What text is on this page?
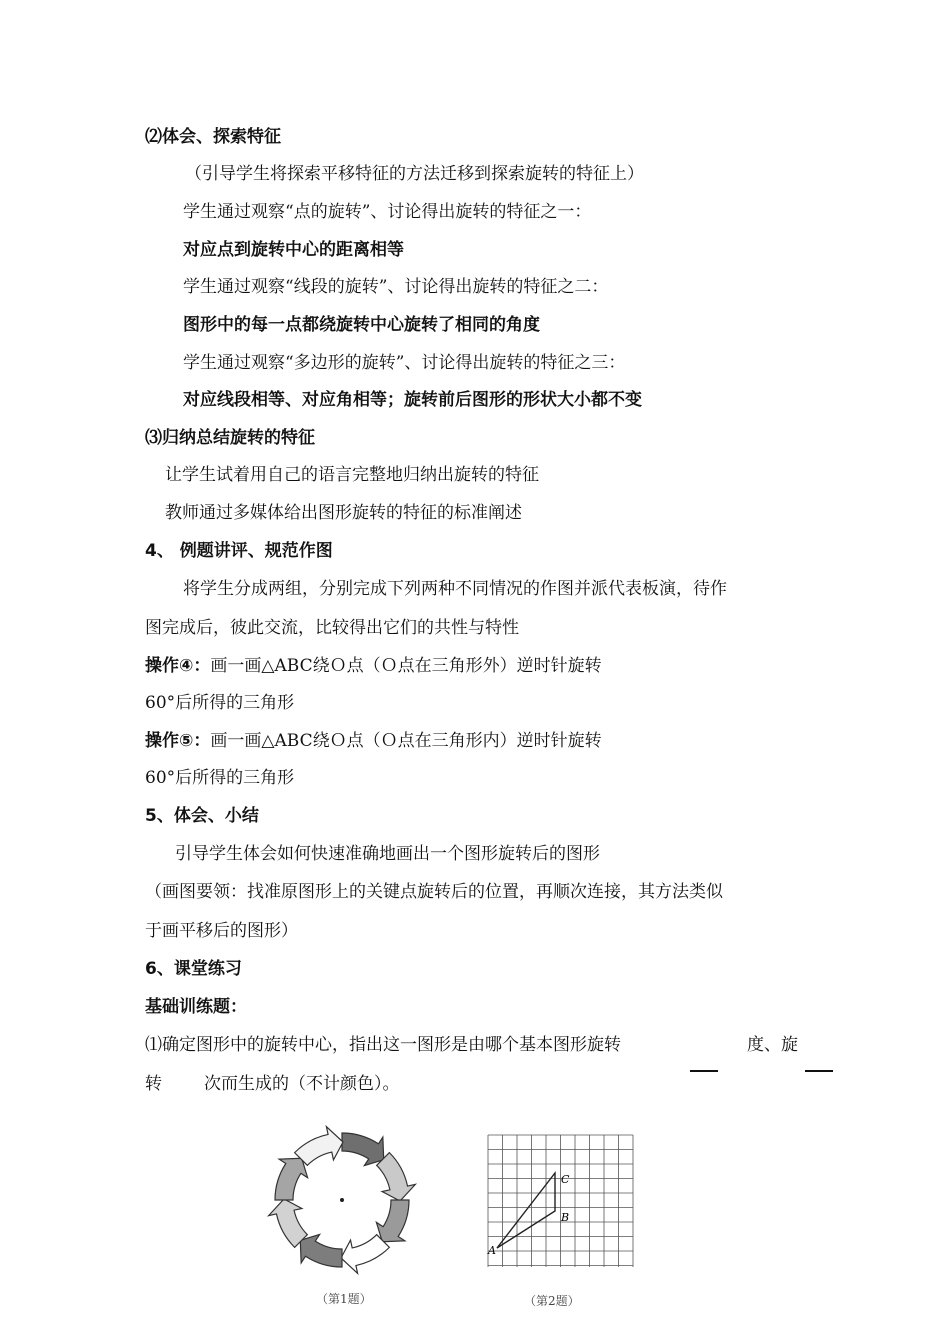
⑵体会、探索特征
（引导学生将探索平移特征的方法迁移到探索旋转的特征上）
学生通过观察“点的旋转”、讨论得出旋转的特征之一：
对应点到旋转中心的距离相等
学生通过观察“线段的旋转”、讨论得出旋转的特征之二：
图形中的每一点都绕旋转中心旋转了相同的角度
学生通过观察“多边形的旋转”、讨论得出旋转的特征之三：
对应线段相等、对应角相等；旋转前后图形的形状大小都不变
⑶归纳总结旋转的特征
让学生试着用自己的语言完整地归纳出旋转的特征
教师通过多媒体给出图形旋转的特征的标准阐述
4、 例题讲评、规范作图
将学生分成两组，分别完成下列两种不同情况的作图并派代表板演，待作
图完成后，彼此交流，比较得出它们的共性与特性
操作④：画一画△ABC绕Ｏ点（Ｏ点在三角形外）逆时针旋转
60°后所得的三角形
操作⑤：画一画△ABC绕Ｏ点（Ｏ点在三角形内）逆时针旋转
60°后所得的三角形
5、体会、小结
引导学生体会如何快速准确地画出一个图形旋转后的图形
（画图要领：找准原图形上的关键点旋转后的位置，再顺次连接，其方法类似
于画平移后的图形）
6、课堂练习
基础训练题：
⑴确定图形中的旋转中心，指出这一图形是由哪个基本图形旋转	度、旋
转 次而生成的（不计颜色）。
（第1题）
A
B
C
（第2题）
